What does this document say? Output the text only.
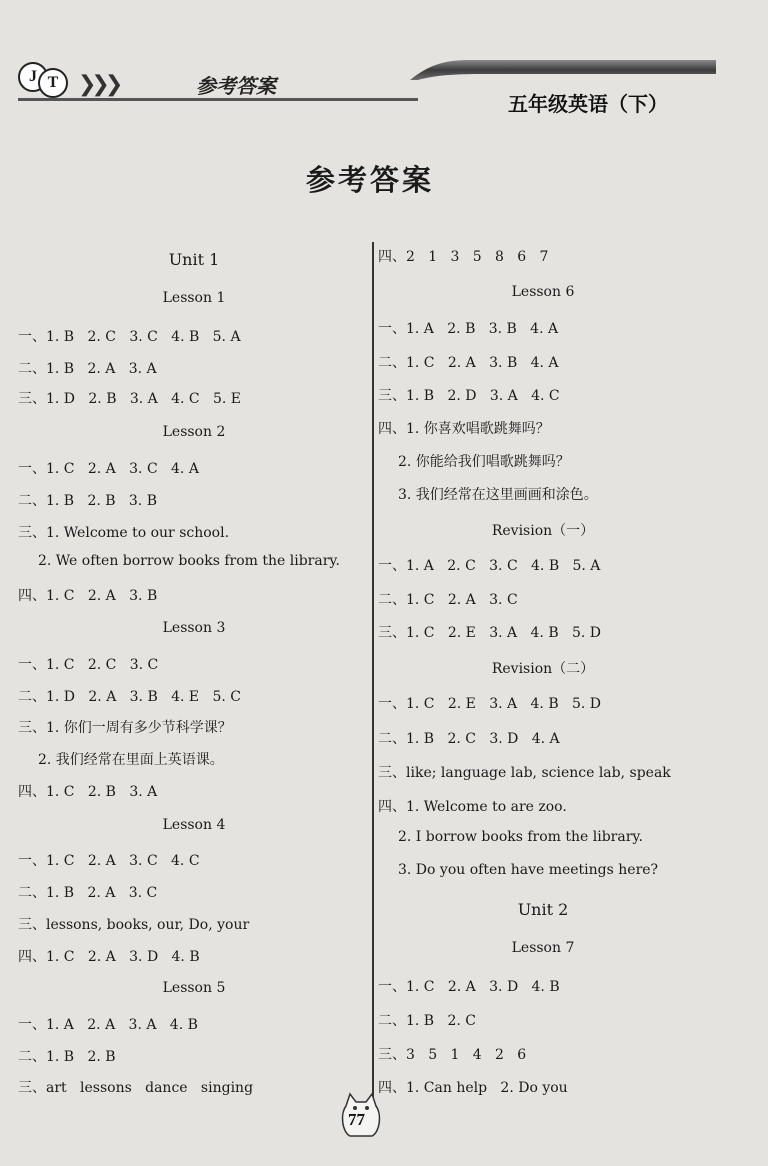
J T ❯❯❯	参考答案
五年级英语（下）
参考答案
Unit 1
Lesson 1
一、1. B   2. C   3. C   4. B   5. A
二、1. B   2. A   3. A
三、1. D   2. B   3. A   4. C   5. E
Lesson 2
一、1. C   2. A   3. C   4. A
二、1. B   2. B   3. B
三、1. Welcome to our school.
2. We often borrow books from the library.
四、1. C   2. A   3. B
Lesson 3
一、1. C   2. C   3. C
二、1. D   2. A   3. B   4. E   5. C
三、1. 你们一周有多少节科学课？
2. 我们经常在里面上英语课。
四、1. C   2. B   3. A
Lesson 4
一、1. C   2. A   3. C   4. C
二、1. B   2. A   3. C
三、lessons, books, our, Do, your
四、1. C   2. A   3. D   4. B
Lesson 5
一、1. A   2. A   3. A   4. B
二、1. B   2. B
三、art   lessons   dance   singing
四、2   1   3   5   8   6   7
Lesson 6
一、1. A   2. B   3. B   4. A
二、1. C   2. A   3. B   4. A
三、1. B   2. D   3. A   4. C
四、1. 你喜欢唱歌跳舞吗？
2. 你能给我们唱歌跳舞吗？
3. 我们经常在这里画画和涂色。
Revision（一）
一、1. A   2. C   3. C   4. B   5. A
二、1. C   2. A   3. C
三、1. C   2. E   3. A   4. B   5. D
Revision（二）
一、1. C   2. E   3. A   4. B   5. D
二、1. B   2. C   3. D   4. A
三、like; language lab, science lab, speak
四、1. Welcome to are zoo.
2. I borrow books from the library.
3. Do you often have meetings here?
Unit 2
Lesson 7
一、1. C   2. A   3. D   4. B
二、1. B   2. C
三、3   5   1   4   2   6
四、1. Can help   2. Do you
77
